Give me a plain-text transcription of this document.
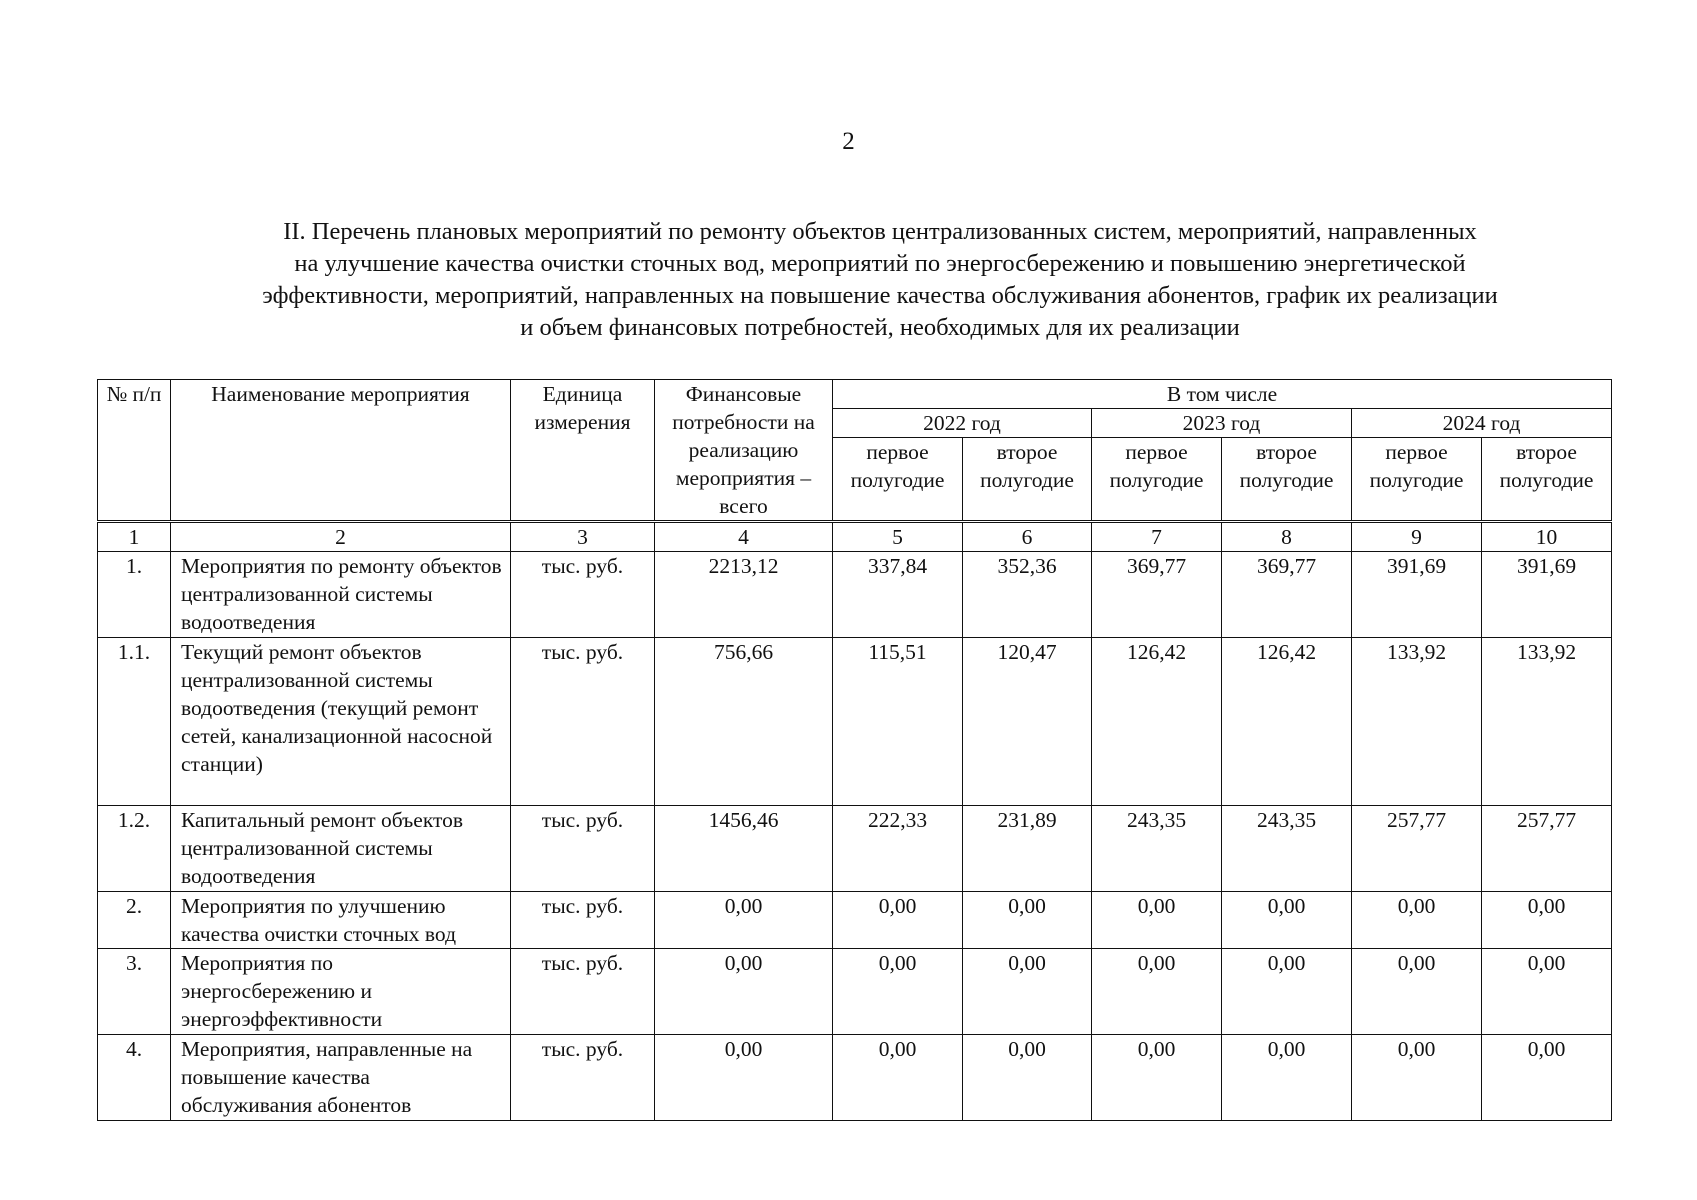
2
II. Перечень плановых мероприятий по ремонту объектов централизованных систем, мероприятий, направленных
на улучшение качества очистки сточных вод, мероприятий по энергосбережению и повышению энергетической
эффективности, мероприятий, направленных на повышение качества обслуживания абонентов, график их реализации
и объем финансовых потребностей, необходимых для их реализации
№ п/п	Наименование мероприятия	Единица измерения	Финансовые потребности на реализацию мероприятия – всего	В том числе					
				2022 год		2023 год		2024 год	
				первое полугодие	второе полугодие	первое полугодие	второе полугодие	первое полугодие	второе полугодие
1	2	3	4	5	6	7	8	9	10
1.	Мероприятия по ремонту объектов централизованной системы водоотведения	тыс. руб.	2213,12	337,84	352,36	369,77	369,77	391,69	391,69
1.1.	Текущий ремонт объектов централизованной системы водоотведения (текущий ремонт сетей, канализационной насосной станции)	тыс. руб.	756,66	115,51	120,47	126,42	126,42	133,92	133,92
1.2.	Капитальный ремонт объектов централизованной системы водоотведения	тыс. руб.	1456,46	222,33	231,89	243,35	243,35	257,77	257,77
2.	Мероприятия по улучшению качества очистки сточных вод	тыс. руб.	0,00	0,00	0,00	0,00	0,00	0,00	0,00
3.	Мероприятия по энергосбережению и энергоэффективности	тыс. руб.	0,00	0,00	0,00	0,00	0,00	0,00	0,00
4.	Мероприятия, направленные на повышение качества обслуживания абонентов	тыс. руб.	0,00	0,00	0,00	0,00	0,00	0,00	0,00
